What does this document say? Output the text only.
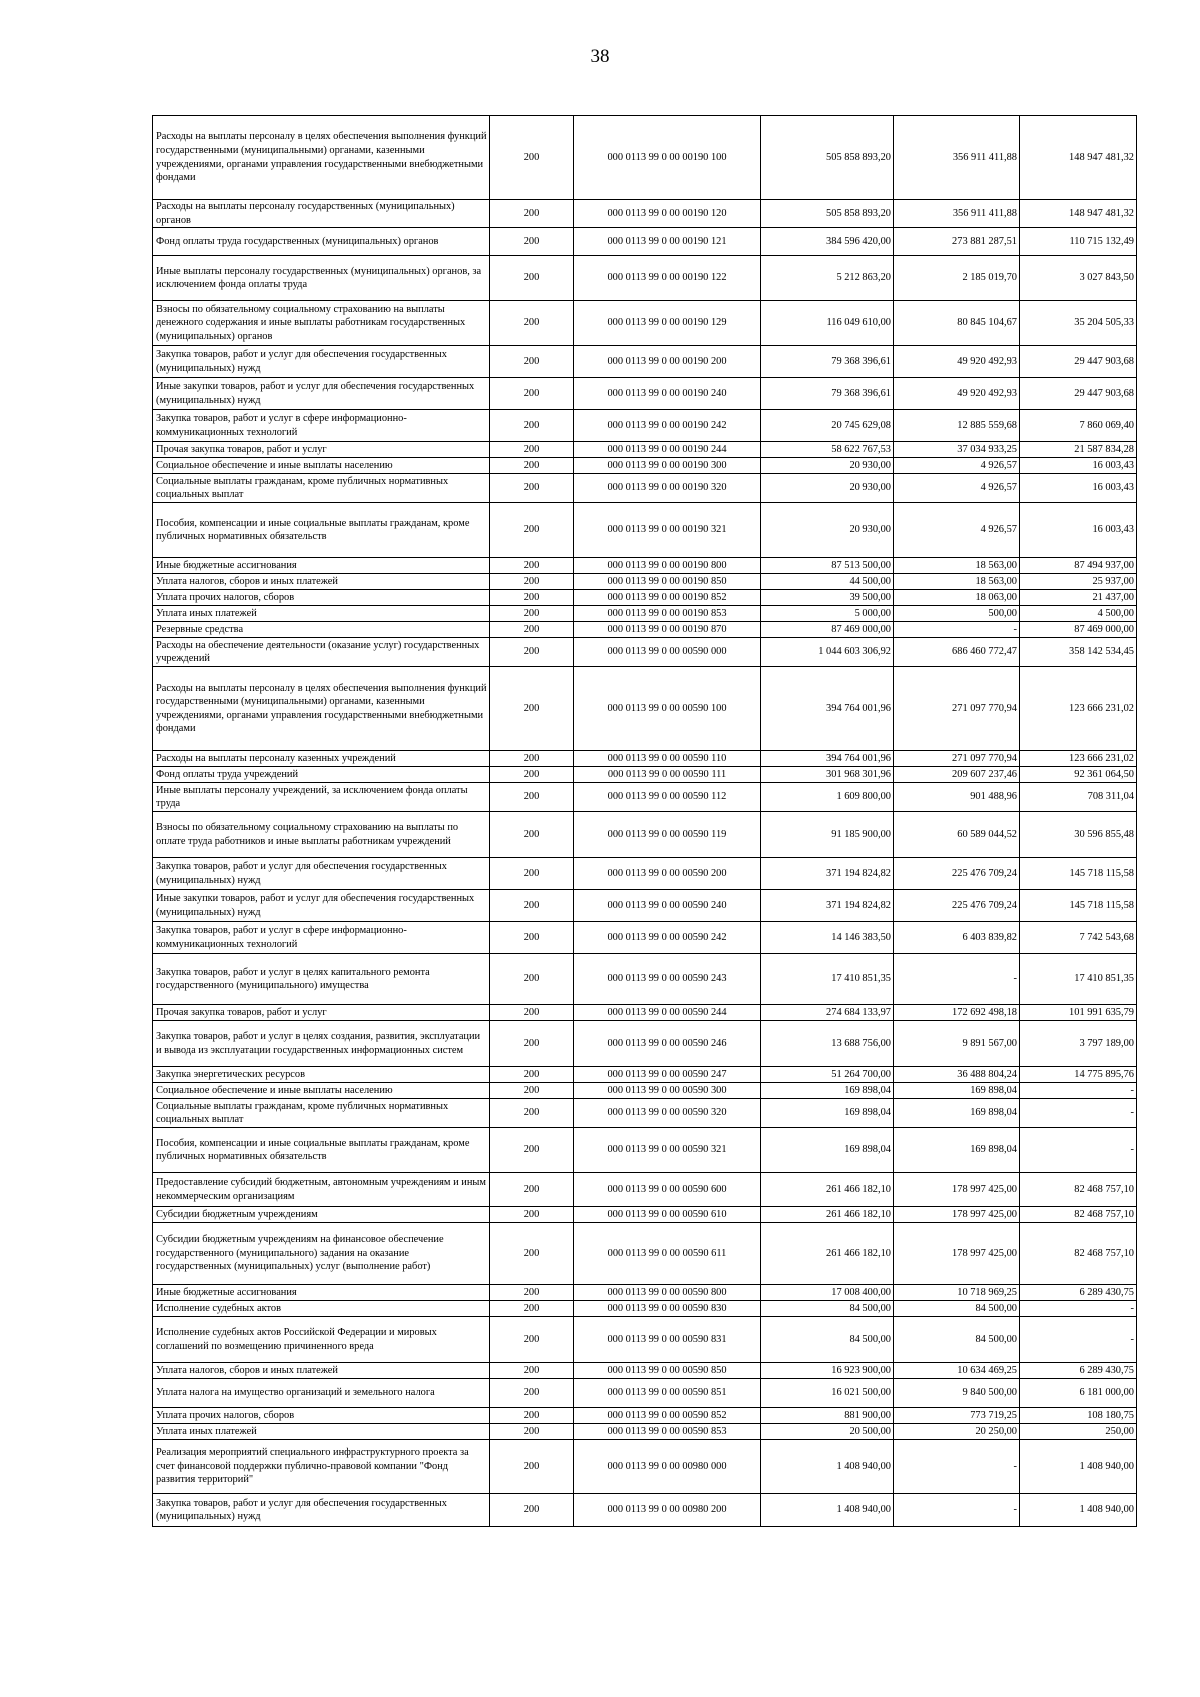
38
Расходы на выплаты персоналу в целях обеспечения выполнения функций государственными (муниципальными) органами, казенными учреждениями, органами управления государственными внебюджетными фондами	200	000 0113 99 0 00 00190 100	505 858 893,20	356 911 411,88	148 947 481,32
Расходы на выплаты персоналу государственных (муниципальных) органов	200	000 0113 99 0 00 00190 120	505 858 893,20	356 911 411,88	148 947 481,32
Фонд оплаты труда государственных (муниципальных) органов	200	000 0113 99 0 00 00190 121	384 596 420,00	273 881 287,51	110 715 132,49
Иные выплаты персоналу государственных (муниципальных) органов, за исключением фонда оплаты труда	200	000 0113 99 0 00 00190 122	5 212 863,20	2 185 019,70	3 027 843,50
Взносы по обязательному социальному страхованию на выплаты денежного содержания и иные выплаты работникам государственных (муниципальных) органов	200	000 0113 99 0 00 00190 129	116 049 610,00	80 845 104,67	35 204 505,33
Закупка товаров, работ и услуг для обеспечения государственных (муниципальных) нужд	200	000 0113 99 0 00 00190 200	79 368 396,61	49 920 492,93	29 447 903,68
Иные закупки товаров, работ и услуг для обеспечения государственных (муниципальных) нужд	200	000 0113 99 0 00 00190 240	79 368 396,61	49 920 492,93	29 447 903,68
Закупка товаров, работ и услуг в сфере информационно-коммуникационных технологий	200	000 0113 99 0 00 00190 242	20 745 629,08	12 885 559,68	7 860 069,40
Прочая закупка товаров, работ и услуг	200	000 0113 99 0 00 00190 244	58 622 767,53	37 034 933,25	21 587 834,28
Социальное обеспечение и иные выплаты населению	200	000 0113 99 0 00 00190 300	20 930,00	4 926,57	16 003,43
Социальные выплаты гражданам, кроме публичных нормативных социальных выплат	200	000 0113 99 0 00 00190 320	20 930,00	4 926,57	16 003,43
Пособия, компенсации и иные социальные выплаты гражданам, кроме публичных нормативных обязательств	200	000 0113 99 0 00 00190 321	20 930,00	4 926,57	16 003,43
Иные бюджетные ассигнования	200	000 0113 99 0 00 00190 800	87 513 500,00	18 563,00	87 494 937,00
Уплата налогов, сборов и иных платежей	200	000 0113 99 0 00 00190 850	44 500,00	18 563,00	25 937,00
Уплата прочих налогов, сборов	200	000 0113 99 0 00 00190 852	39 500,00	18 063,00	21 437,00
Уплата иных платежей	200	000 0113 99 0 00 00190 853	5 000,00	500,00	4 500,00
Резервные средства	200	000 0113 99 0 00 00190 870	87 469 000,00	-	87 469 000,00
Расходы на обеспечение деятельности (оказание услуг) государственных учреждений	200	000 0113 99 0 00 00590 000	1 044 603 306,92	686 460 772,47	358 142 534,45
Расходы на выплаты персоналу в целях обеспечения выполнения функций государственными (муниципальными) органами, казенными учреждениями, органами управления государственными внебюджетными фондами	200	000 0113 99 0 00 00590 100	394 764 001,96	271 097 770,94	123 666 231,02
Расходы на выплаты персоналу казенных учреждений	200	000 0113 99 0 00 00590 110	394 764 001,96	271 097 770,94	123 666 231,02
Фонд оплаты труда учреждений	200	000 0113 99 0 00 00590 111	301 968 301,96	209 607 237,46	92 361 064,50
Иные выплаты персоналу учреждений, за исключением фонда оплаты труда	200	000 0113 99 0 00 00590 112	1 609 800,00	901 488,96	708 311,04
Взносы по обязательному социальному страхованию на выплаты по оплате труда работников и иные выплаты работникам учреждений	200	000 0113 99 0 00 00590 119	91 185 900,00	60 589 044,52	30 596 855,48
Закупка товаров, работ и услуг для обеспечения государственных (муниципальных) нужд	200	000 0113 99 0 00 00590 200	371 194 824,82	225 476 709,24	145 718 115,58
Иные закупки товаров, работ и услуг для обеспечения государственных (муниципальных) нужд	200	000 0113 99 0 00 00590 240	371 194 824,82	225 476 709,24	145 718 115,58
Закупка товаров, работ и услуг в сфере информационно-коммуникационных технологий	200	000 0113 99 0 00 00590 242	14 146 383,50	6 403 839,82	7 742 543,68
Закупка товаров, работ и услуг в целях капитального ремонта государственного (муниципального) имущества	200	000 0113 99 0 00 00590 243	17 410 851,35	-	17 410 851,35
Прочая закупка товаров, работ и услуг	200	000 0113 99 0 00 00590 244	274 684 133,97	172 692 498,18	101 991 635,79
Закупка товаров, работ и услуг в целях создания, развития, эксплуатации и вывода из эксплуатации государственных информационных систем	200	000 0113 99 0 00 00590 246	13 688 756,00	9 891 567,00	3 797 189,00
Закупка энергетических ресурсов	200	000 0113 99 0 00 00590 247	51 264 700,00	36 488 804,24	14 775 895,76
Социальное обеспечение и иные выплаты населению	200	000 0113 99 0 00 00590 300	169 898,04	169 898,04	-
Социальные выплаты гражданам, кроме публичных нормативных социальных выплат	200	000 0113 99 0 00 00590 320	169 898,04	169 898,04	-
Пособия, компенсации и иные социальные выплаты гражданам, кроме публичных нормативных обязательств	200	000 0113 99 0 00 00590 321	169 898,04	169 898,04	-
Предоставление субсидий бюджетным, автономным учреждениям и иным некоммерческим организациям	200	000 0113 99 0 00 00590 600	261 466 182,10	178 997 425,00	82 468 757,10
Субсидии бюджетным учреждениям	200	000 0113 99 0 00 00590 610	261 466 182,10	178 997 425,00	82 468 757,10
Субсидии бюджетным учреждениям на финансовое обеспечение государственного (муниципального) задания на оказание государственных (муниципальных) услуг (выполнение работ)	200	000 0113 99 0 00 00590 611	261 466 182,10	178 997 425,00	82 468 757,10
Иные бюджетные ассигнования	200	000 0113 99 0 00 00590 800	17 008 400,00	10 718 969,25	6 289 430,75
Исполнение судебных актов	200	000 0113 99 0 00 00590 830	84 500,00	84 500,00	-
Исполнение судебных актов Российской Федерации и мировых соглашений по возмещению причиненного вреда	200	000 0113 99 0 00 00590 831	84 500,00	84 500,00	-
Уплата налогов, сборов и иных платежей	200	000 0113 99 0 00 00590 850	16 923 900,00	10 634 469,25	6 289 430,75
Уплата налога на имущество организаций и земельного налога	200	000 0113 99 0 00 00590 851	16 021 500,00	9 840 500,00	6 181 000,00
Уплата прочих налогов, сборов	200	000 0113 99 0 00 00590 852	881 900,00	773 719,25	108 180,75
Уплата иных платежей	200	000 0113 99 0 00 00590 853	20 500,00	20 250,00	250,00
Реализация мероприятий специального инфраструктурного проекта за счет финансовой поддержки публично-правовой компании "Фонд развития территорий"	200	000 0113 99 0 00 00980 000	1 408 940,00	-	1 408 940,00
Закупка товаров, работ и услуг для обеспечения государственных (муниципальных) нужд	200	000 0113 99 0 00 00980 200	1 408 940,00	-	1 408 940,00
